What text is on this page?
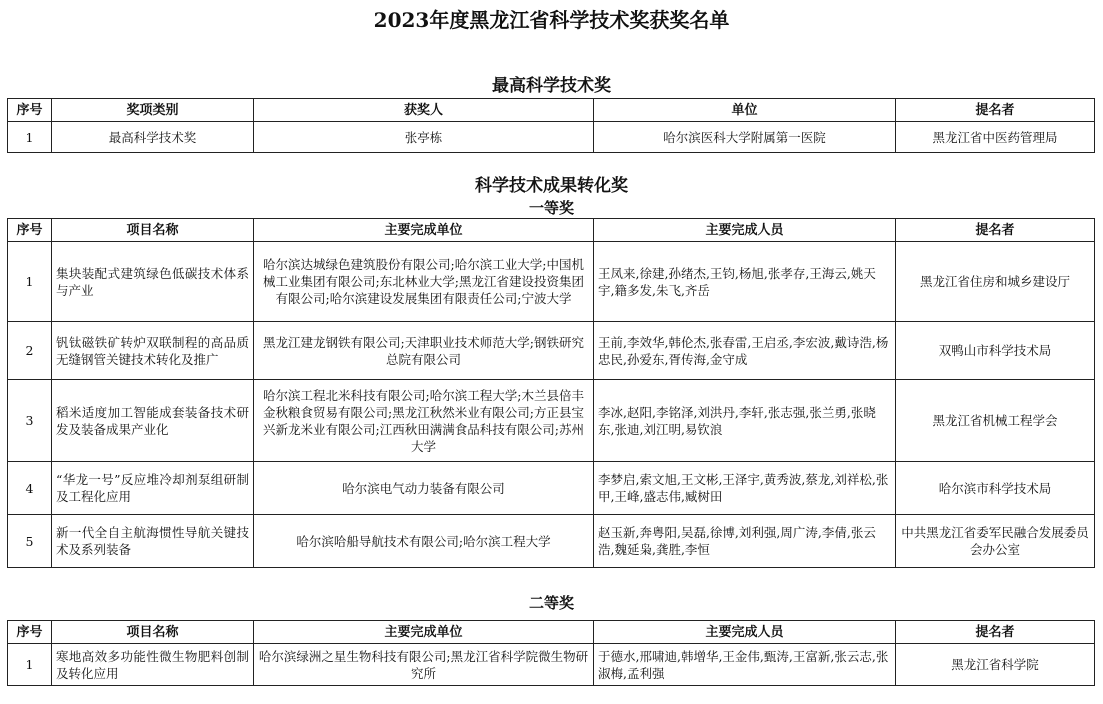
2023年度黑龙江省科学技术奖获奖名单
最高科学技术奖
序号	奖项类别	获奖人	单位	提名者
1	最高科学技术奖	张亭栋	哈尔滨医科大学附属第一医院	黑龙江省中医药管理局
科学技术成果转化奖
一等奖
序号	项目名称	主要完成单位	主要完成人员	提名者
1	集块装配式建筑绿色低碳技术体系与产业	哈尔滨达城绿色建筑股份有限公司;哈尔滨工业大学;中国机械工业集团有限公司;东北林业大学;黑龙江省建设投资集团有限公司;哈尔滨建设发展集团有限责任公司;宁波大学	王凤来,徐建,孙绪杰,王钧,杨旭,张孝存,王海云,姚天宇,籍多发,朱飞,齐岳	黑龙江省住房和城乡建设厅
2	钒钛磁铁矿转炉双联制程的高品质无缝钢管关键技术转化及推广	黑龙江建龙钢铁有限公司;天津职业技术师范大学;钢铁研究总院有限公司	王前,李效华,韩伦杰,张春雷,王启丞,李宏波,戴诗浩,杨忠民,孙爱东,胥传海,金守成	双鸭山市科学技术局
3	稻米适度加工智能成套装备技术研发及装备成果产业化	哈尔滨工程北米科技有限公司;哈尔滨工程大学;木兰县倍丰金秋粮食贸易有限公司;黑龙江秋然米业有限公司;方正县宝兴新龙米业有限公司;江西秋田满满食品科技有限公司;苏州大学	李冰,赵阳,李铭泽,刘洪丹,李轩,张志强,张兰勇,张晓东,张迪,刘江明,易钦浪	黑龙江省机械工程学会
4	“华龙一号”反应堆冷却剂泵组研制及工程化应用	哈尔滨电气动力装备有限公司	李梦启,索文旭,王文彬,王泽宇,黄秀波,蔡龙,刘祥松,张甲,王峰,盛志伟,臧树田	哈尔滨市科学技术局
5	新一代全自主航海惯性导航关键技术及系列装备	哈尔滨哈船导航技术有限公司;哈尔滨工程大学	赵玉新,奔粤阳,吴磊,徐博,刘利强,周广涛,李倩,张云浩,魏延枭,龚胜,李恒	中共黑龙江省委军民融合发展委员会办公室
二等奖
序号	项目名称	主要完成单位	主要完成人员	提名者
1	寒地高效多功能性微生物肥料创制及转化应用	哈尔滨绿洲之星生物科技有限公司;黑龙江省科学院微生物研究所	于德水,邢啸迪,韩增华,王金伟,甄涛,王富新,张云志,张淑梅,孟利强	黑龙江省科学院
